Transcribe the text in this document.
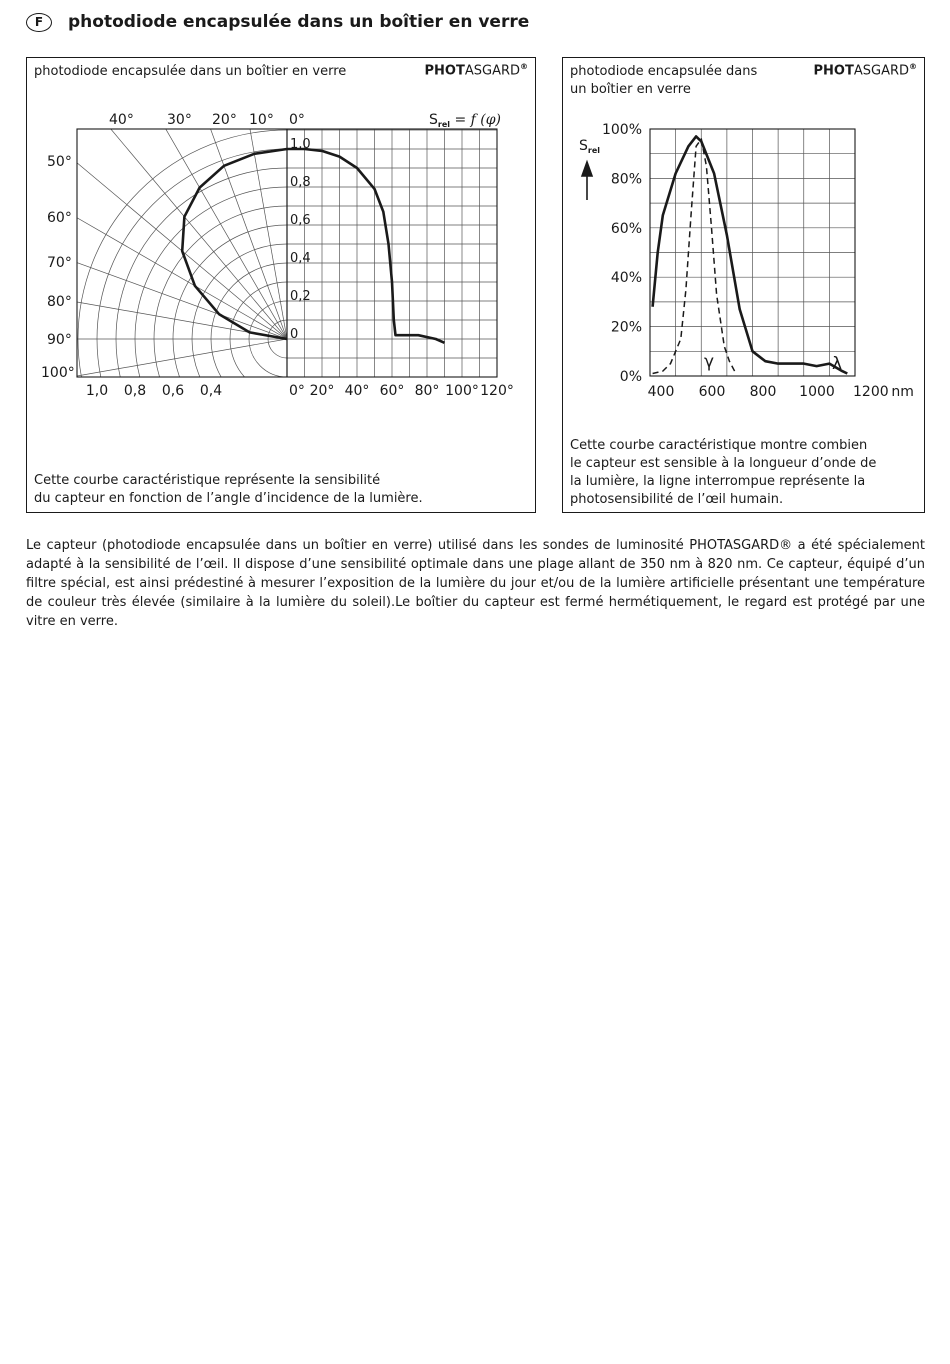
F	photodiode encapsulée dans un boîtier en verre
photodiode encapsulée dans un boîtier en verre	PHOTASGARD®
$S_{rel} = f$ (φ)
0°
10°
20°
30°
40°
50°
60°
70°
80°
90°
100°
1,0 0,8 0,6 0,4	0° 20° 40° 60° 80° 100° 120°
0
0,2
0,4
0,6
0,8
1,0
Cette courbe caractéristique représente la sensibilité
du capteur en fonction de l’angle d’incidence de la lumière.
photodiode encapsulée dans
un boîtier en verre
PHOTASGARD®
$S_{rel}$
0%
20%
40%
60%
80%
100%
400 600 800 1000 1200 nm
γ	λ
Cette courbe caractéristique montre combien
le capteur est sensible à la longueur d’onde de
la lumière, la ligne interrompue représente la
photosensibilité de l’œil humain.
Le capteur (photodiode encapsulée dans un boîtier en verre) utilisé dans les sondes de luminosité PHOTASGARD® a été spécialement adapté à la sensibilité de l’œil. Il dispose d’une sensibilité optimale dans une plage allant de 350 nm à 820 nm. Ce capteur, équipé d’un filtre spécial, est ainsi prédestiné à mesurer l’exposition de la lumière du jour et/ou de la lumière artificielle présentant une température de couleur très élevée (similaire à la lumière du soleil).Le boîtier du capteur est fermé hermétiquement, le regard est protégé par une vitre en verre.
